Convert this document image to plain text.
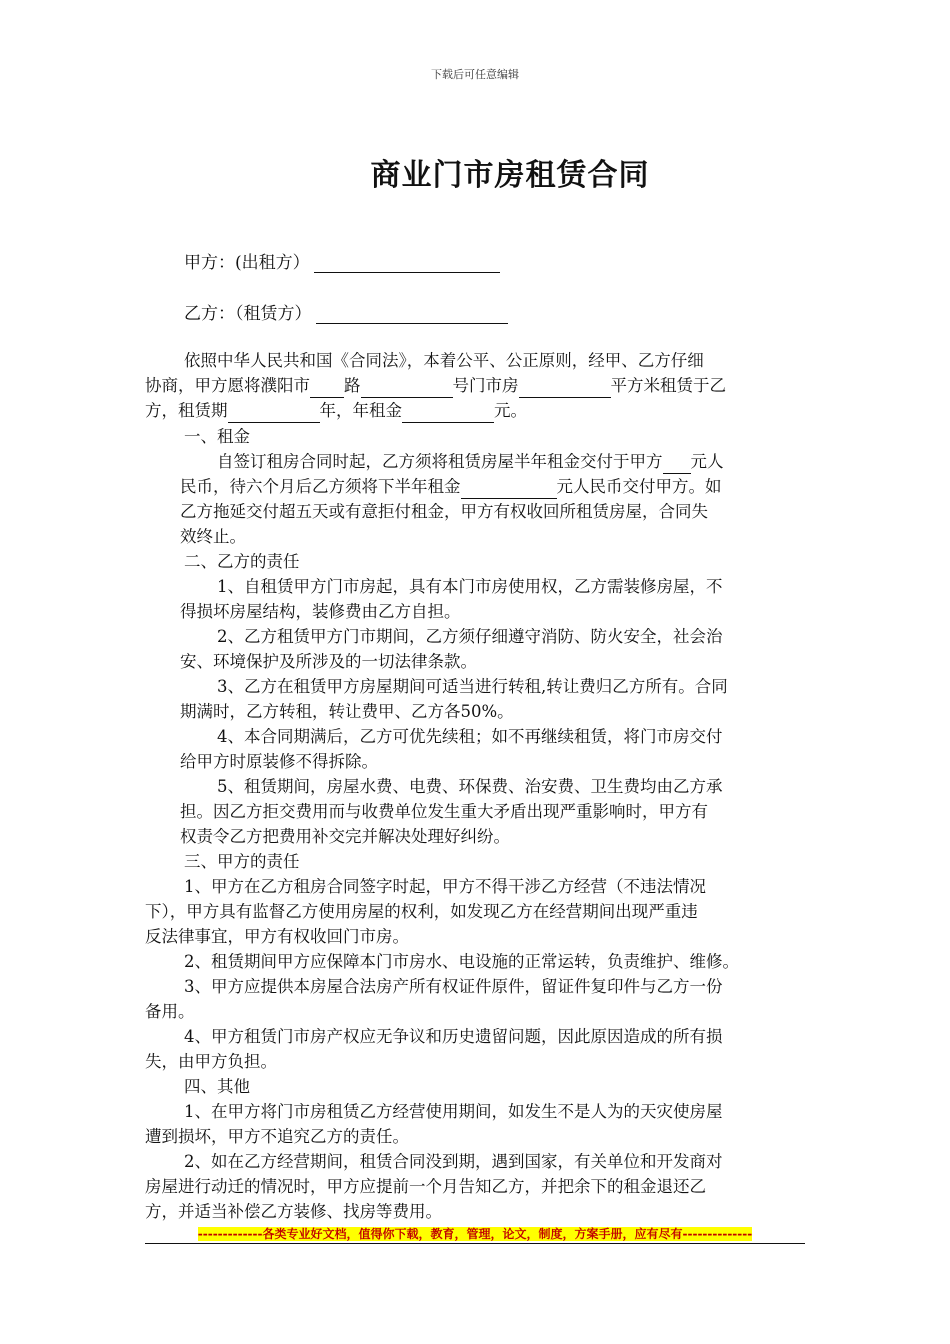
下载后可任意编辑
商业门市房租赁合同
甲方：(出租方）
乙方：（租赁方）
依照中华人民共和国《合同法》，本着公平、公正原则，经甲、乙方仔细
协商，甲方愿将濮阳市 路	号门市房	平方米租赁于乙
方，租赁期	年，年租金	元。
一、租金
自签订租房合同时起，乙方须将租赁房屋半年租金交付于甲方 元人
民币，待六个月后乙方须将下半年租金	元人民币交付甲方。如
乙方拖延交付超五天或有意拒付租金，甲方有权收回所租赁房屋，合同失
效终止。
二、乙方的责任
1、自租赁甲方门市房起，具有本门市房使用权，乙方需装修房屋，不
得损坏房屋结构，装修费由乙方自担。
2、乙方租赁甲方门市期间，乙方须仔细遵守消防、防火安全，社会治
安、环境保护及所涉及的一切法律条款。
3、乙方在租赁甲方房屋期间可适当进行转租,转让费归乙方所有。合同
期满时，乙方转租，转让费甲、乙方各50%。
4、本合同期满后，乙方可优先续租；如不再继续租赁，将门市房交付
给甲方时原装修不得拆除。
5、租赁期间，房屋水费、电费、环保费、治安费、卫生费均由乙方承
担。因乙方拒交费用而与收费单位发生重大矛盾出现严重影响时，甲方有
权责令乙方把费用补交完并解决处理好纠纷。
三、甲方的责任
1、甲方在乙方租房合同签字时起，甲方不得干涉乙方经营（不违法情况
下），甲方具有监督乙方使用房屋的权利，如发现乙方在经营期间出现严重违
反法律事宜，甲方有权收回门市房。
2、租赁期间甲方应保障本门市房水、电设施的正常运转，负责维护、维修。
3、甲方应提供本房屋合法房产所有权证件原件，留证件复印件与乙方一份
备用。
4、甲方租赁门市房产权应无争议和历史遗留问题，因此原因造成的所有损
失，由甲方负担。
四、其他
1、在甲方将门市房租赁乙方经营使用期间，如发生不是人为的天灾使房屋
遭到损坏，甲方不追究乙方的责任。
2、如在乙方经营期间，租赁合同没到期，遇到国家，有关单位和开发商对
房屋进行动迁的情况时，甲方应提前一个月告知乙方，并把余下的租金退还乙
方，并适当补偿乙方装修、找房等费用。
-------------各类专业好文档，值得你下载，教育，管理，论文，制度，方案手册，应有尽有--------------
